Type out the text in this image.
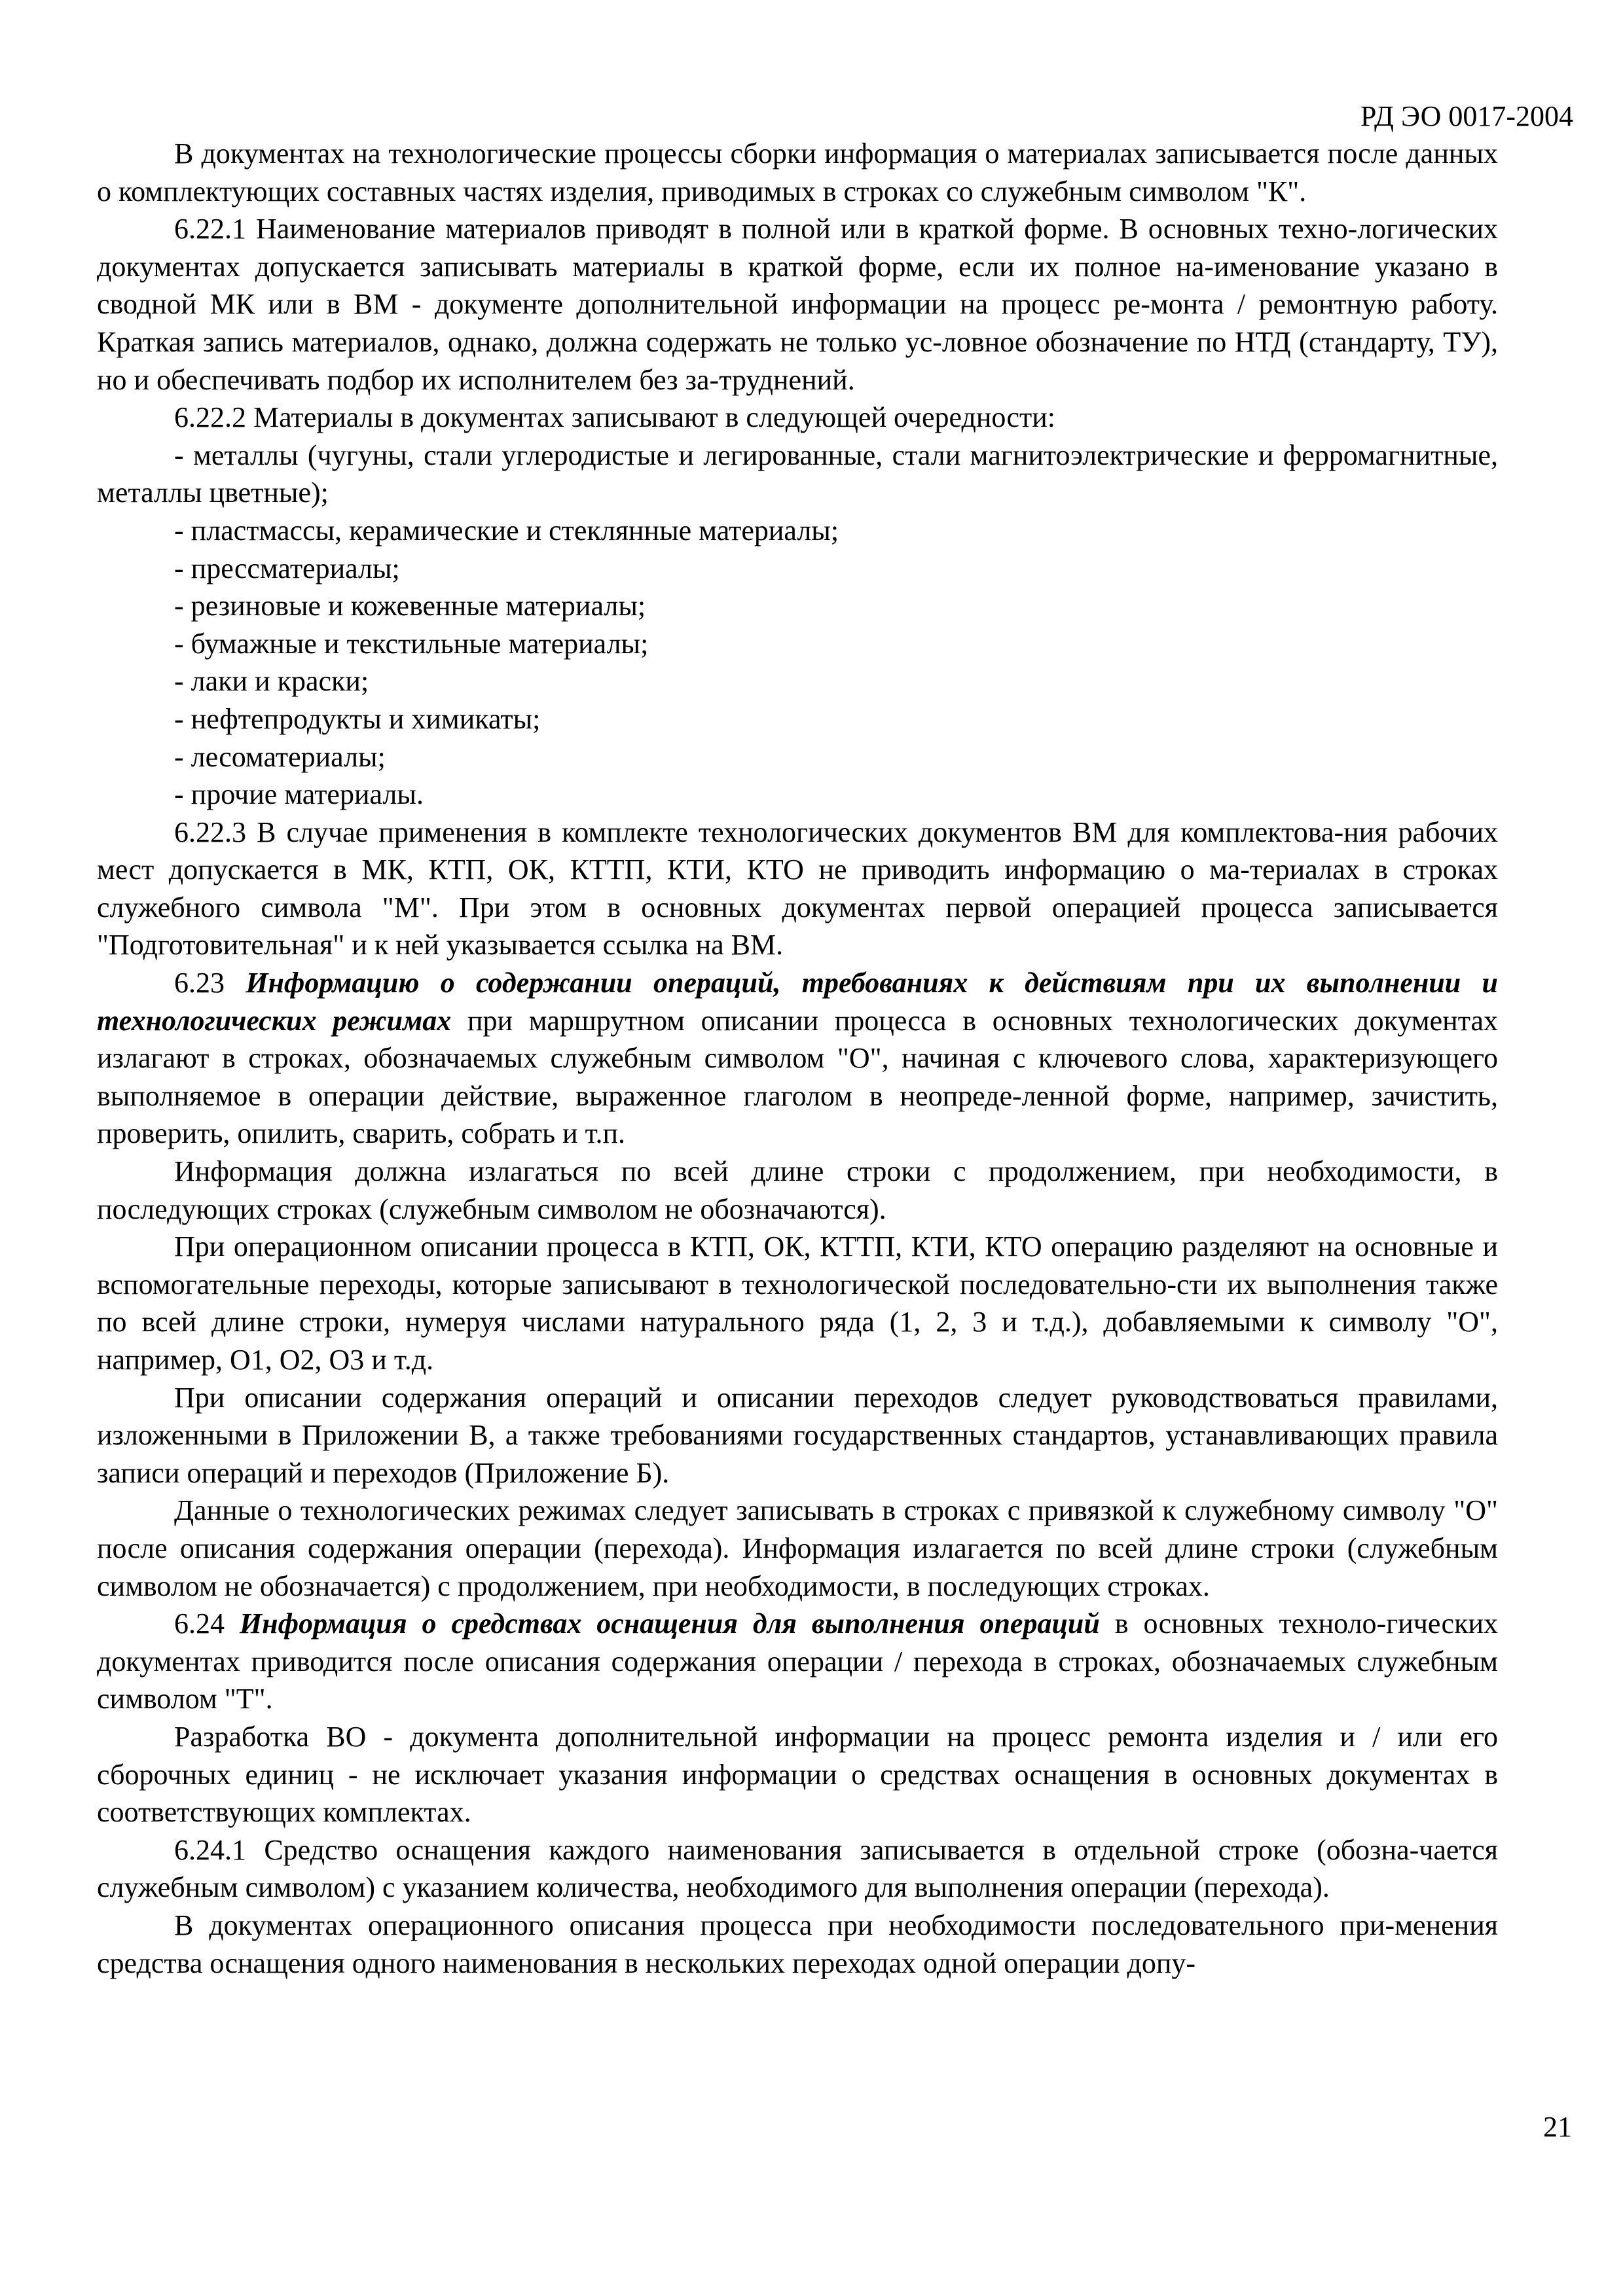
РД ЭО 0017-2004

В документах на технологические процессы сборки информация о материалах записывается после данных о комплектующих составных частях изделия, приводимых в строках со служебным символом "К".

6.22.1 Наименование материалов приводят в полной или в краткой форме. В основных техно-логических документах допускается записывать материалы в краткой форме, если их полное на-именование указано в сводной МК или в ВМ - документе дополнительной информации на процесс ре-монта / ремонтную работу. Краткая запись материалов, однако, должна содержать не только ус-ловное обозначение по НТД (стандарту, ТУ), но и обеспечивать подбор их исполнителем без за-труднений.

6.22.2 Материалы в документах записывают в следующей очередности:

- металлы (чугуны, стали углеродистые и легированные, стали магнитоэлектрические и ферромагнитные, металлы цветные);

- пластмассы, керамические и стеклянные материалы;

- прессматериалы;

- резиновые и кожевенные материалы;

- бумажные и текстильные материалы;

- лаки и краски;

- нефтепродукты и химикаты;

- лесоматериалы;

- прочие материалы.

6.22.3 В случае применения в комплекте технологических документов ВМ для комплектова-ния рабочих мест допускается в МК, КТП, ОК, КТТП, КТИ, КТО не приводить информацию о ма-териалах в строках служебного символа "М". При этом в основных документах первой операцией процесса записывается "Подготовительная" и к ней указывается ссылка на ВМ.

6.23 Информацию о содержании операций, требованиях к действиям при их выполнении и технологических режимах при маршрутном описании процесса в основных технологических документах излагают в строках, обозначаемых служебным символом "О", начиная с ключевого слова, характеризующего выполняемое в операции действие, выраженное глаголом в неопреде-ленной форме, например, зачистить, проверить, опилить, сварить, собрать и т.п.

Информация должна излагаться по всей длине строки с продолжением, при необходимости, в последующих строках (служебным символом не обозначаются).

При операционном описании процесса в КТП, ОК, КТТП, КТИ, КТО операцию разделяют на основные и вспомогательные переходы, которые записывают в технологической последовательно-сти их выполнения также по всей длине строки, нумеруя числами натурального ряда (1, 2, 3 и т.д.), добавляемыми к символу "О", например, О1, О2, О3 и т.д.

При описании содержания операций и описании переходов следует руководствоваться правилами, изложенными в Приложении В, а также требованиями государственных стандартов, устанавливающих правила записи операций и переходов (Приложение Б).

Данные о технологических режимах следует записывать в строках с привязкой к служебному символу "О" после описания содержания операции (перехода). Информация излагается по всей длине строки (служебным символом не обозначается) с продолжением, при необходимости, в последующих строках.

6.24 Информация о средствах оснащения для выполнения операций в основных техноло-гических документах приводится после описания содержания операции / перехода в строках, обозначаемых служебным символом "Т".

Разработка ВО - документа дополнительной информации на процесс ремонта изделия и / или его сборочных единиц - не исключает указания информации о средствах оснащения в основных документах в соответствующих комплектах.

6.24.1 Средство оснащения каждого наименования записывается в отдельной строке (обозна-чается служебным символом) с указанием количества, необходимого для выполнения операции (перехода).

В документах операционного описания процесса при необходимости последовательного при-менения средства оснащения одного наименования в нескольких переходах одной операции допу-

21
